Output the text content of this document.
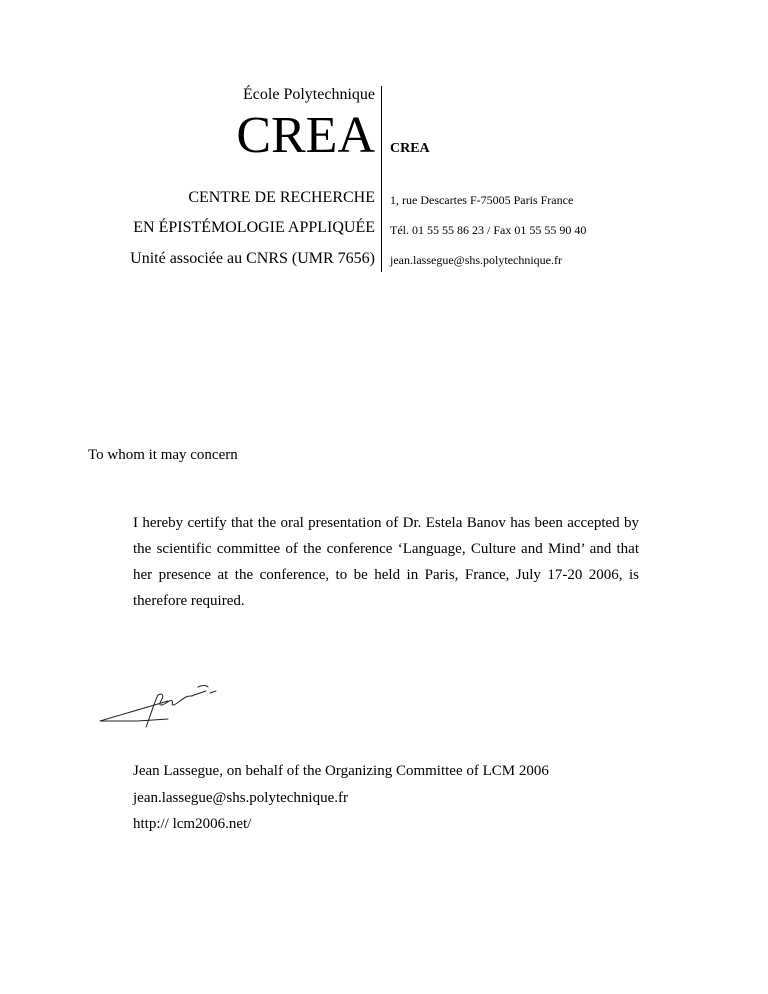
École Polytechnique
CREA CREA
CENTRE DE RECHERCHE
EN ÉPISTÉMOLOGIE APPLIQUÉE
Unité associée au CNRS (UMR 7656)
1, rue Descartes F-75005 Paris France
Tél. 01 55 55 86 23 / Fax 01 55 55 90 40
jean.lassegue@shs.polytechnique.fr
To whom it may concern
I hereby certify that the oral presentation of Dr. Estela Banov has been accepted by the scientific committee of the conference ‘Language, Culture and Mind’ and that her presence at the conference, to be held in Paris, France, July 17-20 2006, is therefore required.
Jean Lassegue, on behalf of the Organizing Committee of LCM 2006
jean.lassegue@shs.polytechnique.fr
http:// lcm2006.net/
